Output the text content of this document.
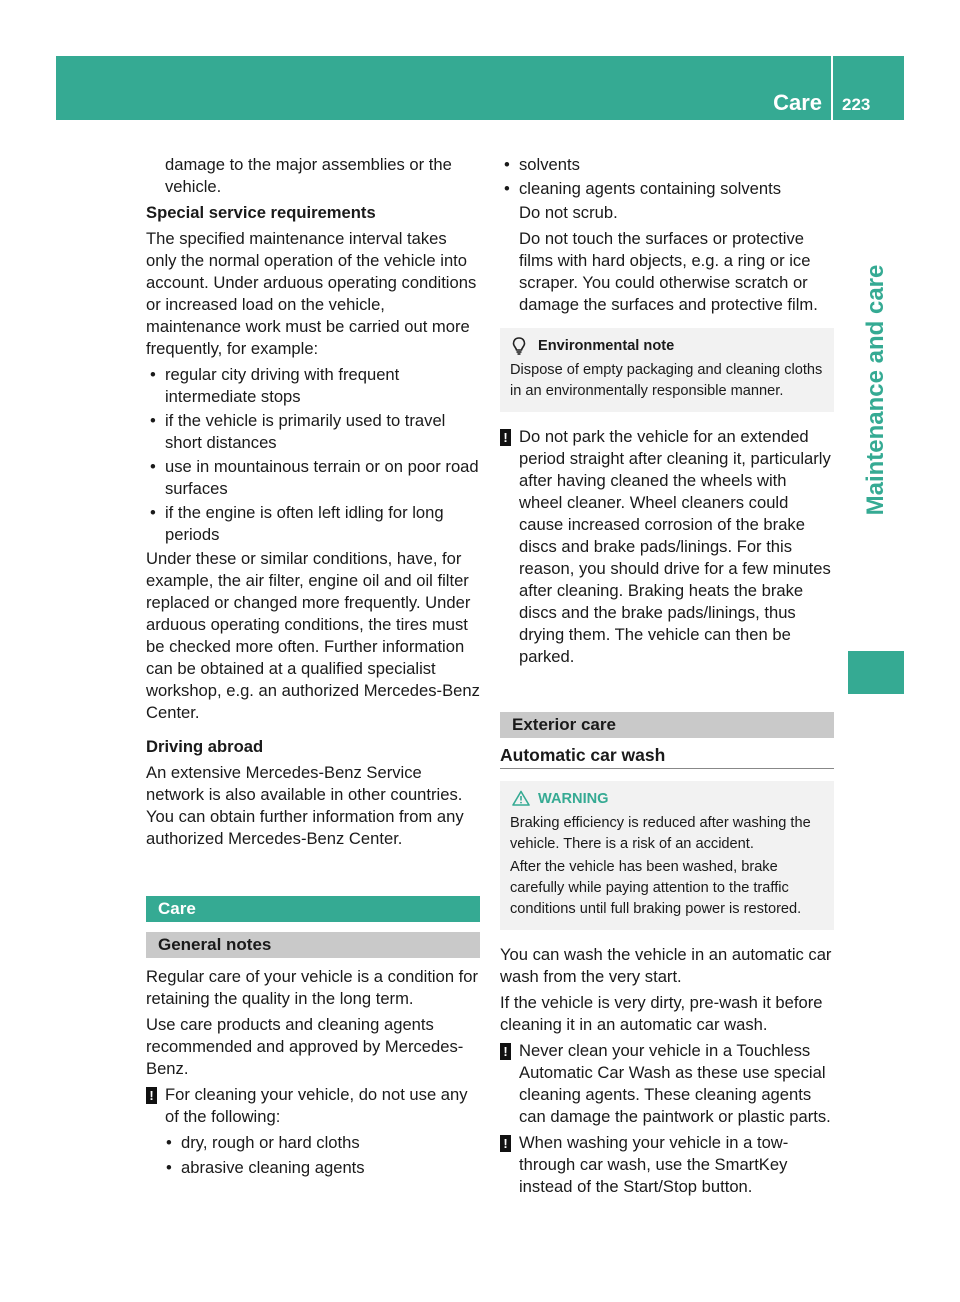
Care 223
Maintenance and care

damage to the major assemblies or the
vehicle.

Special service requirements

The specified maintenance interval takes only the normal operation of the vehicle into account. Under arduous operating conditions or increased load on the vehicle, maintenance work must be carried out more frequently, for example:

• regular city driving with frequent intermediate stops

• if the vehicle is primarily used to travel short distances

• use in mountainous terrain or on poor road surfaces

• if the engine is often left idling for long periods

Under these or similar conditions, have, for example, the air filter, engine oil and oil filter replaced or changed more frequently. Under arduous operating conditions, the tires must be checked more often. Further information can be obtained at a qualified specialist workshop, e.g. an authorized Mercedes-Benz Center.

Driving abroad

An extensive Mercedes-Benz Service network is also available in other countries. You can obtain further information from any authorized Mercedes-Benz Center.

Care
General notes

Regular care of your vehicle is a condition for retaining the quality in the long term.

Use care products and cleaning agents recommended and approved by Mercedes-Benz.

! For cleaning your vehicle, do not use any of the following:

• dry, rough or hard cloths

• abrasive cleaning agents

• solvents

• cleaning agents containing solvents

Do not scrub.

Do not touch the surfaces or protective films with hard objects, e.g. a ring or ice scraper. You could otherwise scratch or damage the surfaces and protective film.

Environmental note

Dispose of empty packaging and cleaning cloths in an environmentally responsible manner.

! Do not park the vehicle for an extended period straight after cleaning it, particularly after having cleaned the wheels with wheel cleaner. Wheel cleaners could cause increased corrosion of the brake discs and brake pads/linings. For this reason, you should drive for a few minutes after cleaning. Braking heats the brake discs and the brake pads/linings, thus drying them. The vehicle can then be parked.
Exterior care
Automatic car wash
WARNING

Braking efficiency is reduced after washing the vehicle. There is a risk of an accident.

After the vehicle has been washed, brake carefully while paying attention to the traffic conditions until full braking power is restored.

You can wash the vehicle in an automatic car wash from the very start.

If the vehicle is very dirty, pre-wash it before cleaning it in an automatic car wash.

! Never clean your vehicle in a Touchless Automatic Car Wash as these use special cleaning agents. These cleaning agents can damage the paintwork or plastic parts.
! When washing your vehicle in a tow-through car wash, use the SmartKey instead of the Start/Stop button.
